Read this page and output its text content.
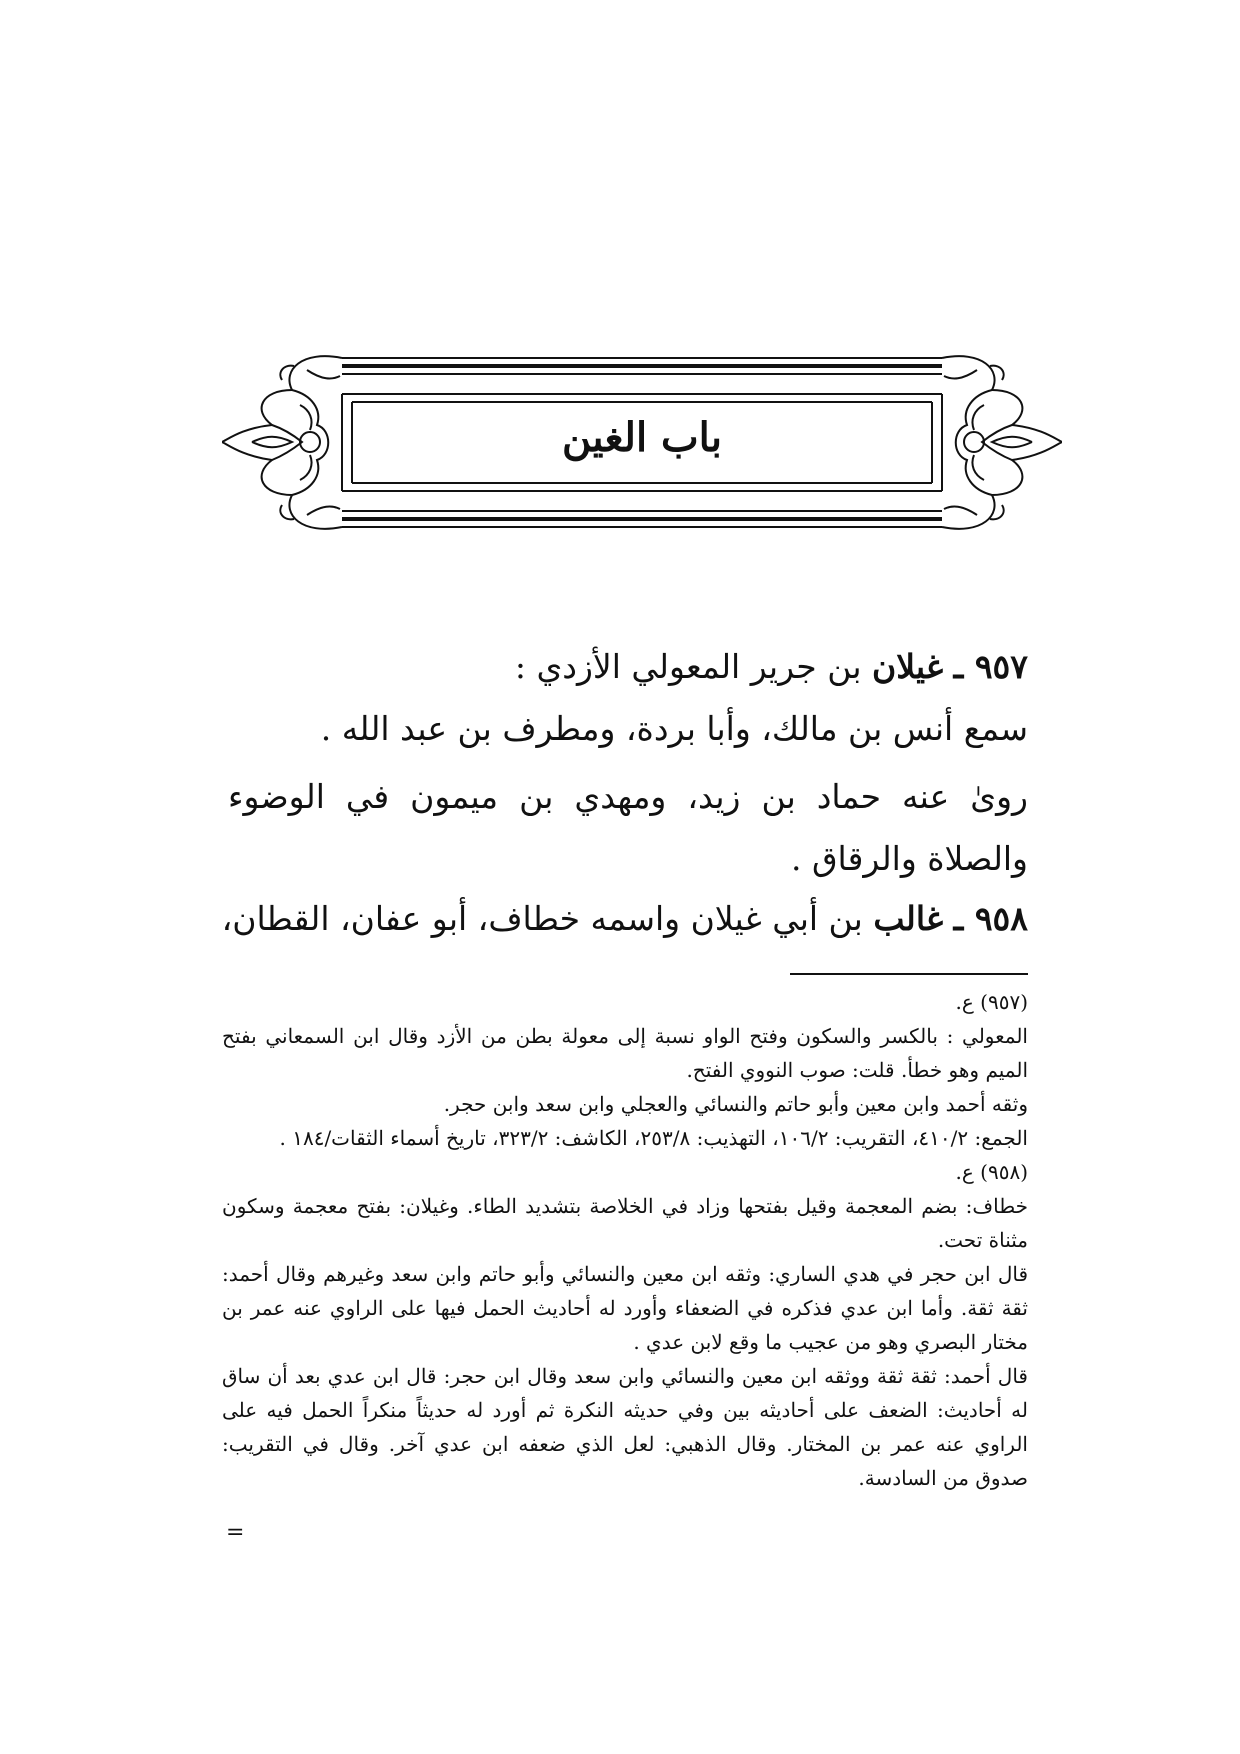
باب الغين
٩٥٧ ـ غيلان بن جرير المعولي الأزدي :
سمع أنس بن مالك، وأبا بردة، ومطرف بن عبد الله .
روىٰ عنه حماد بن زيد، ومهدي بن ميمون في الوضوء والصلاة والرقاق .
٩٥٨ ـ غالب بن أبي غيلان واسمه خطاف، أبو عفان، القطان،
(٩٥٧) ع.
المعولي : بالكسر والسكون وفتح الواو نسبة إلى معولة بطن من الأزد وقال ابن السمعاني بفتح الميم وهو خطأ. قلت: صوب النووي الفتح.
وثقه أحمد وابن معين وأبو حاتم والنسائي والعجلي وابن سعد وابن حجر.
الجمع: ٤١٠/٢، التقريب: ١٠٦/٢، التهذيب: ٢٥٣/٨، الكاشف: ٣٢٣/٢، تاريخ أسماء الثقات/١٨٤ .
(٩٥٨) ع.
خطاف: بضم المعجمة وقيل بفتحها وزاد في الخلاصة بتشديد الطاء. وغيلان: بفتح معجمة وسكون مثناة تحت.
قال ابن حجر في هدي الساري: وثقه ابن معين والنسائي وأبو حاتم وابن سعد وغيرهم وقال أحمد: ثقة ثقة. وأما ابن عدي فذكره في الضعفاء وأورد له أحاديث الحمل فيها على الراوي عنه عمر بن مختار البصري وهو من عجيب ما وقع لابن عدي .
قال أحمد: ثقة ثقة ووثقه ابن معين والنسائي وابن سعد وقال ابن حجر: قال ابن عدي بعد أن ساق له أحاديث: الضعف على أحاديثه بين وفي حديثه النكرة ثم أورد له حديثاً منكراً الحمل فيه على الراوي عنه عمر بن المختار. وقال الذهبي: لعل الذي ضعفه ابن عدي آخر. وقال في التقريب: صدوق من السادسة.
=
